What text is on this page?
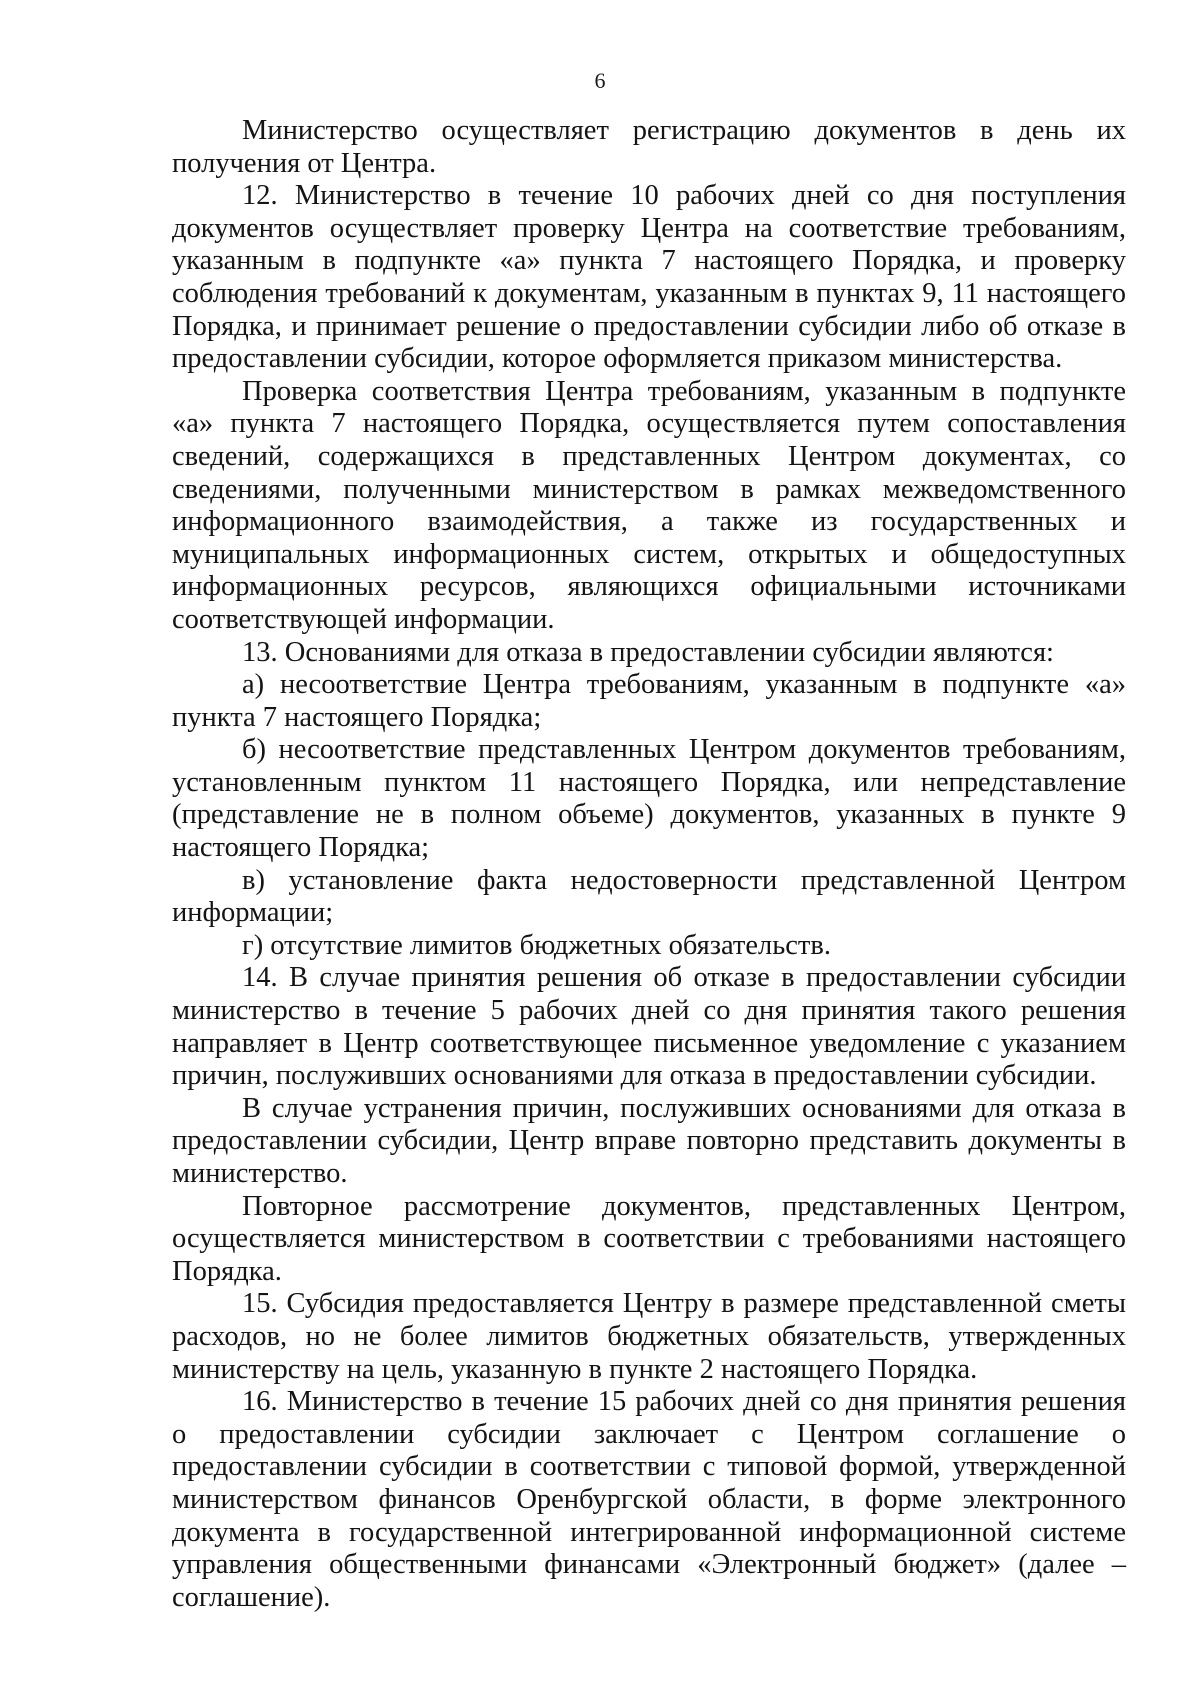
6

Министерство осуществляет регистрацию документов в день их получения от Центра.

12. Министерство в течение 10 рабочих дней со дня поступления документов осуществляет проверку Центра на соответствие требованиям, указанным в подпункте «а» пункта 7 настоящего Порядка, и проверку соблюдения требований к документам, указанным в пунктах 9, 11 настоящего Порядка, и принимает решение о предоставлении субсидии либо об отказе в предоставлении субсидии, которое оформляется приказом министерства.

Проверка соответствия Центра требованиям, указанным в подпункте «а» пункта 7 настоящего Порядка, осуществляется путем сопоставления сведений, содержащихся в представленных Центром документах, со сведениями, полученными министерством в рамках межведомственного информационного взаимодействия, а также из государственных и муниципальных информационных систем, открытых и общедоступных информационных ресурсов, являющихся официальными источниками соответствующей информации.

13. Основаниями для отказа в предоставлении субсидии являются:

а) несоответствие Центра требованиям, указанным в подпункте «а» пункта 7 настоящего Порядка;

б) несоответствие представленных Центром документов требованиям, установленным пунктом 11 настоящего Порядка, или непредставление (представление не в полном объеме) документов, указанных в пункте 9 настоящего Порядка;

в) установление факта недостоверности представленной Центром информации;

г) отсутствие лимитов бюджетных обязательств.

14. В случае принятия решения об отказе в предоставлении субсидии министерство в течение 5 рабочих дней со дня принятия такого решения направляет в Центр соответствующее письменное уведомление с указанием причин, послуживших основаниями для отказа в предоставлении субсидии.

В случае устранения причин, послуживших основаниями для отказа в предоставлении субсидии, Центр вправе повторно представить документы в министерство.

Повторное рассмотрение документов, представленных Центром, осуществляется министерством в соответствии с требованиями настоящего Порядка.

15. Субсидия предоставляется Центру в размере представленной сметы расходов, но не более лимитов бюджетных обязательств, утвержденных министерству на цель, указанную в пункте 2 настоящего Порядка.

16. Министерство в течение 15 рабочих дней со дня принятия решения о предоставлении субсидии заключает с Центром соглашение о предоставлении субсидии в соответствии с типовой формой, утвержденной министерством финансов Оренбургской области, в форме электронного документа в государственной интегрированной информационной системе управления общественными финансами «Электронный бюджет» (далее – соглашение).
